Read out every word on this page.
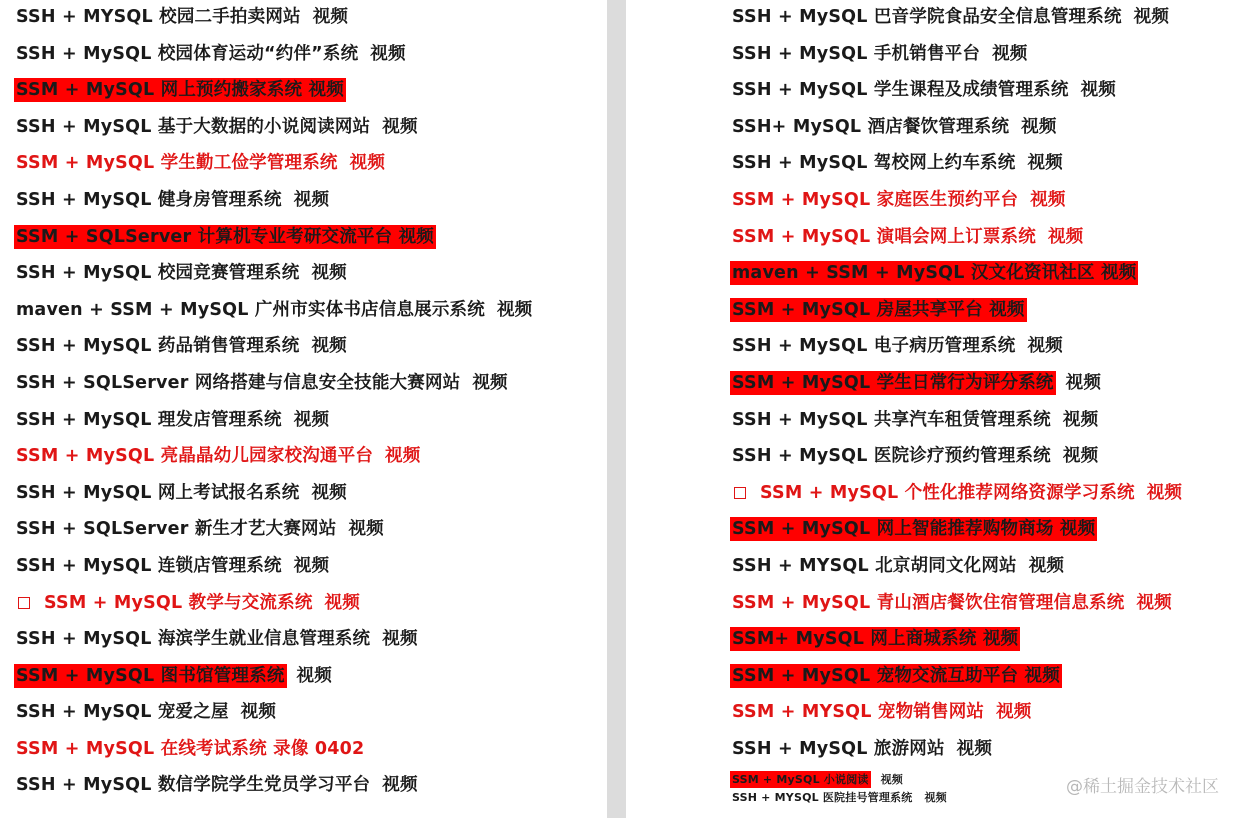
SSH + MYSQL 校园二手拍卖网站 视频
SSH + MySQL 校园体育运动“约伴”系统 视频
SSM + MySQL 网上预约搬家系统 视频
SSH + MySQL 基于大数据的小说阅读网站 视频
SSM + MySQL 学生勤工俭学管理系统 视频
SSH + MySQL 健身房管理系统 视频
SSM + SQLServer 计算机专业考研交流平台 视频
SSH + MySQL 校园竞赛管理系统 视频
maven + SSM + MySQL 广州市实体书店信息展示系统 视频
SSH + MySQL 药品销售管理系统 视频
SSH + SQLServer 网络搭建与信息安全技能大赛网站 视频
SSH + MySQL 理发店管理系统 视频
SSM + MySQL 亮晶晶幼儿园家校沟通平台 视频
SSH + MySQL 网上考试报名系统 视频
SSH + SQLServer 新生才艺大赛网站 视频
SSH + MySQL 连锁店管理系统 视频
SSM + MySQL 教学与交流系统 视频
SSH + MySQL 海滨学生就业信息管理系统 视频
SSM + MySQL 图书馆管理系统 视频
SSH + MySQL 宠爱之屋 视频
SSM + MySQL 在线考试系统 录像 0402
SSH + MySQL 数信学院学生党员学习平台 视频
SSH + MySQL 巴音学院食品安全信息管理系统 视频
SSH + MySQL 手机销售平台 视频
SSH + MySQL 学生课程及成绩管理系统 视频
SSH+ MySQL 酒店餐饮管理系统 视频
SSH + MySQL 驾校网上约车系统 视频
SSM + MySQL 家庭医生预约平台 视频
SSM + MySQL 演唱会网上订票系统 视频
maven + SSM + MySQL 汉文化资讯社区 视频
SSM + MySQL 房屋共享平台 视频
SSH + MySQL 电子病历管理系统 视频
SSM + MySQL 学生日常行为评分系统 视频
SSH + MySQL 共享汽车租赁管理系统 视频
SSH + MySQL 医院诊疗预约管理系统 视频
SSM + MySQL 个性化推荐网络资源学习系统 视频
SSM + MySQL 网上智能推荐购物商场 视频
SSH + MYSQL 北京胡同文化网站 视频
SSM + MySQL 青山酒店餐饮住宿管理信息系统 视频
SSM+ MySQL 网上商城系统 视频
SSM + MySQL 宠物交流互助平台 视频
SSM + MYSQL 宠物销售网站 视频
SSH + MySQL 旅游网站 视频
SSM + MySQL 小说阅读 视频
SSH + MYSQL 医院挂号管理系统 视频
@稀土掘金技术社区
